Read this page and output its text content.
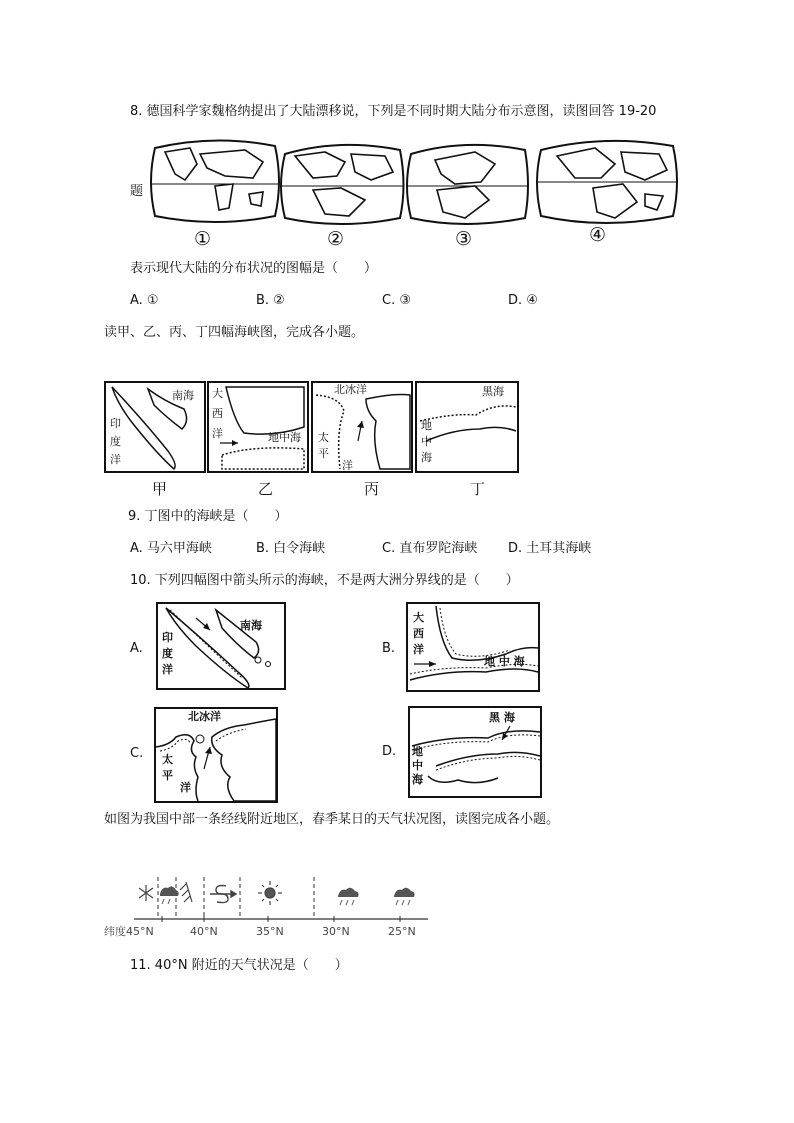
8. 德国科学家魏格纳提出了大陆漂移说，下列是不同时期大陆分布示意图，读图回答 19-20
题
①	②	③	④
表示现代大陆的分布状况的图幅是（　　）
A. ①	B. ②	C. ③	D. ④
读甲、乙、丙、丁四幅海峡图，完成各小题。
南海
印
度
洋
大
西
洋	地中海
北冰洋
太
平
洋
黑海
地
中
海
甲	乙	丙	丁
9. 丁图中的海峡是（　　）
A. 马六甲海峡	B. 白令海峡	C. 直布罗陀海峡 D. 土耳其海峡
10. 下列四幅图中箭头所示的海峡，不是两大洲分界线的是（　　）
A.
南海
印
度
洋
B.
大
西
洋
地 中 海
C.
北冰洋
太
平
洋
D.
黑 海
地
中
海
如图为我国中部一条经线附近地区，春季某日的天气状况图，读图完成各小题。
纬度45°N	40°N	35°N	30°N	25°N
11. 40°N 附近的天气状况是（　　）
